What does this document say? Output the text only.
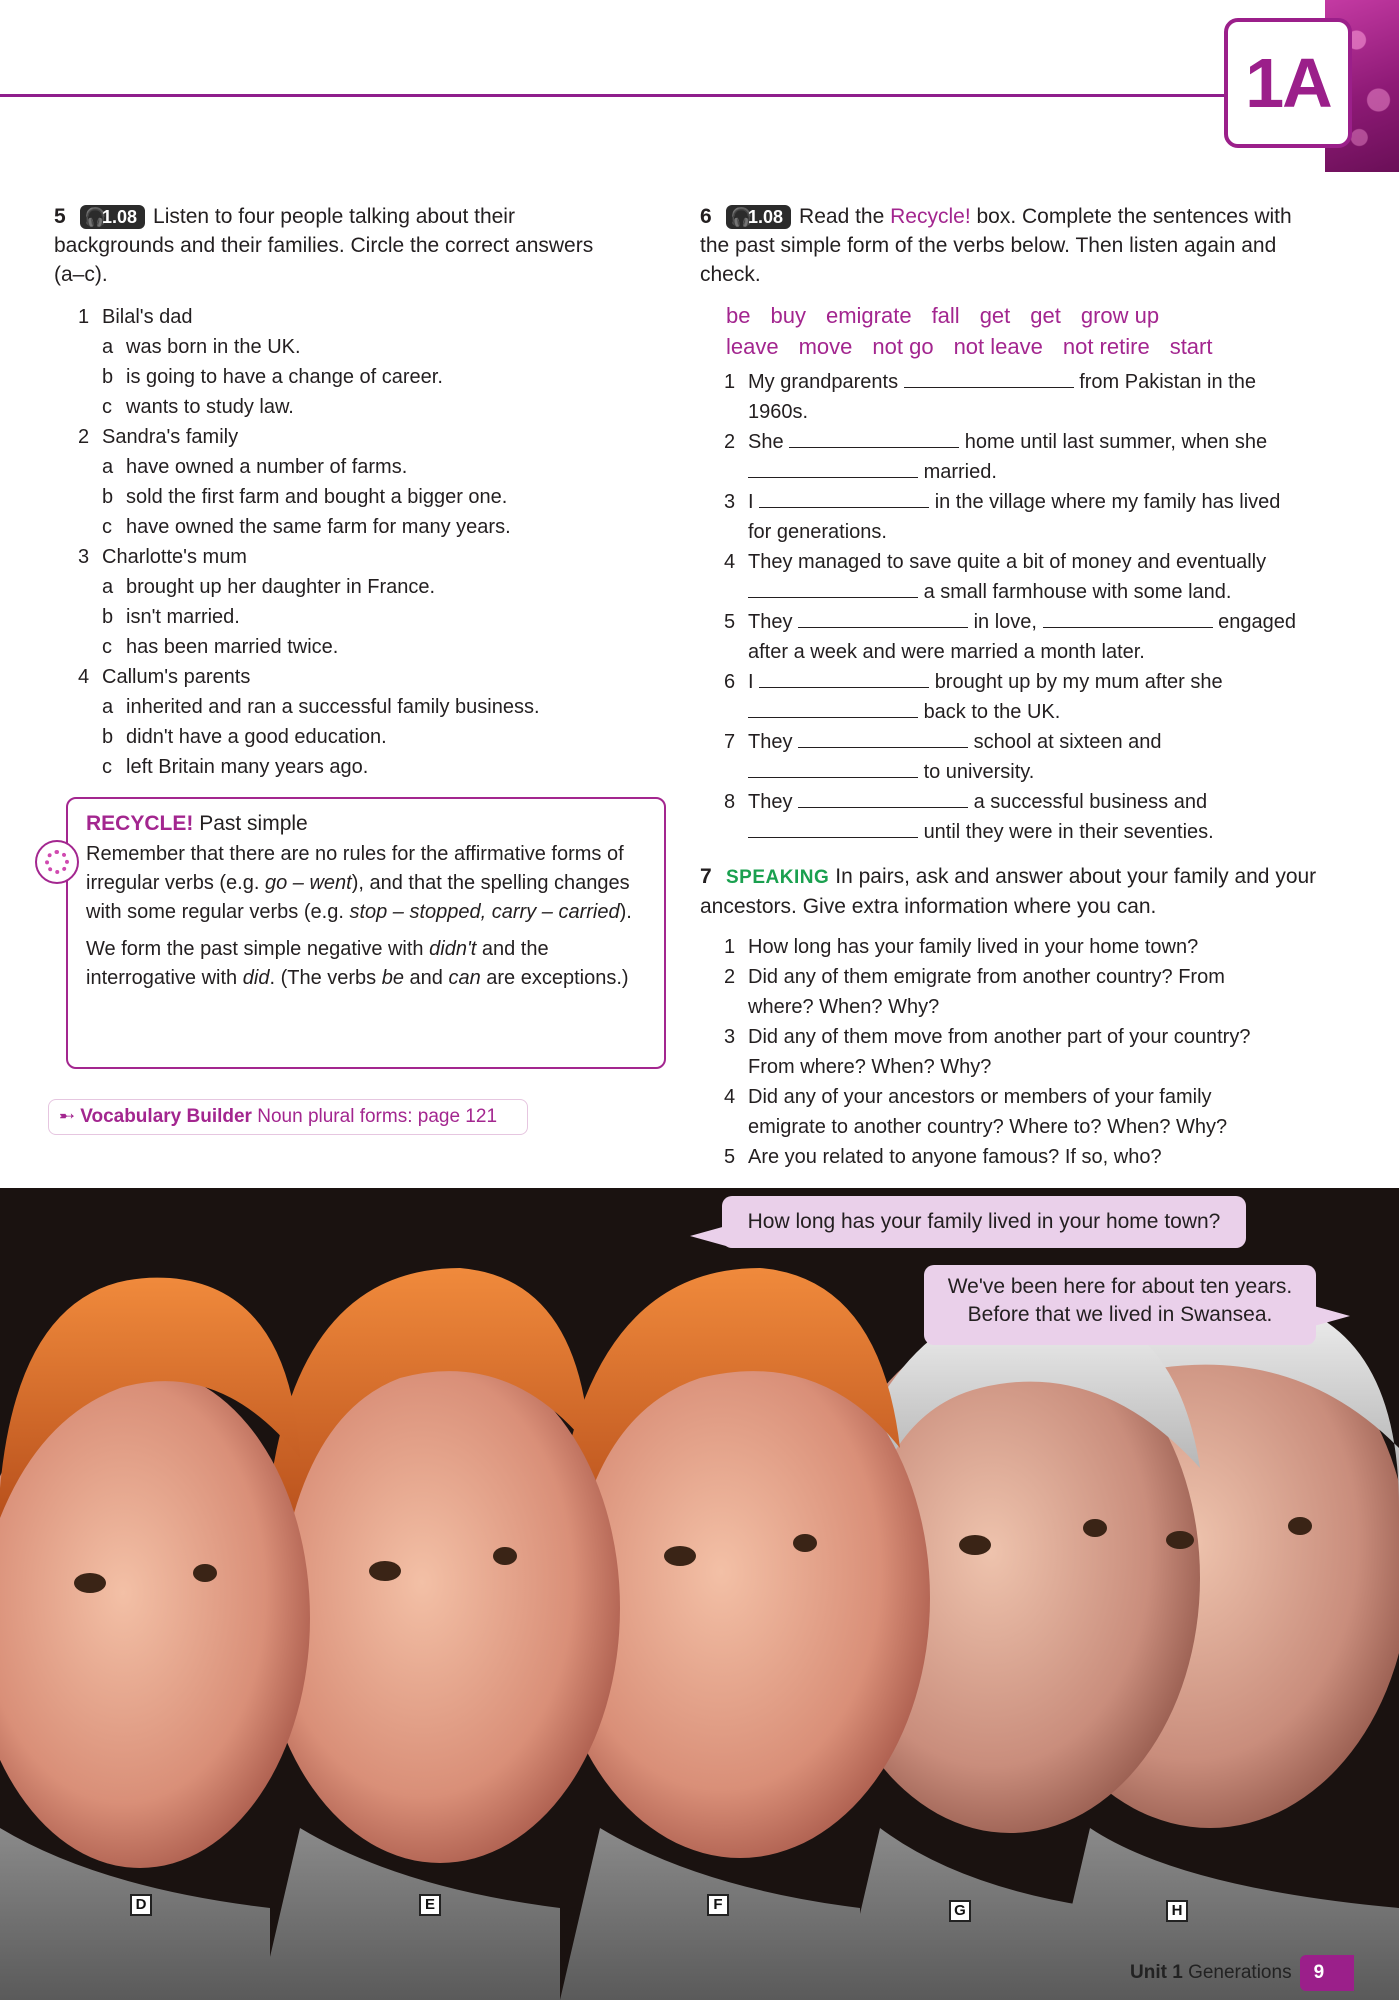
1A
5 🎧1.08 Listen to four people talking about their backgrounds and their families. Circle the correct answers (a–c).
1 Bilal's dad
a was born in the UK.
b is going to have a change of career.
c wants to study law.
2 Sandra's family
a have owned a number of farms.
b sold the first farm and bought a bigger one.
c have owned the same farm for many years.
3 Charlotte's mum
a brought up her daughter in France.
b isn't married.
c has been married twice.
4 Callum's parents
a inherited and ran a successful family business.
b didn't have a good education.
c left Britain many years ago.
RECYCLE! Past simple

Remember that there are no rules for the affirmative forms of irregular verbs (e.g. go – went), and that the spelling changes with some regular verbs (e.g. stop – stopped, carry – carried).

We form the past simple negative with didn't and the interrogative with did. (The verbs be and can are exceptions.)

➸ Vocabulary Builder Noun plural forms: page 121
6 🎧1.08 Read the Recycle! box. Complete the sentences with the past simple form of the verbs below. Then listen again and check.
be buy emigrate fall get get grow up
leave move not go not leave not retire start
1 My grandparents	from Pakistan in the
1960s.
2 She	home until last summer, when she
married.
3 I	in the village where my family has lived
for generations.
4 They managed to save quite a bit of money and eventually
a small farmhouse with some land.
5 They	in love,	engaged
after a week and were married a month later.
6 I	brought up by my mum after she
back to the UK.
7 They	school at sixteen and
to university.
8 They	a successful business and
until they were in their seventies.
7 SPEAKING In pairs, ask and answer about your family and your ancestors. Give extra information where you can.
1 How long has your family lived in your home town?
2 Did any of them emigrate from another country? From
where? When? Why?
3 Did any of them move from another part of your country?
From where? When? Why?
4 Did any of your ancestors or members of your family
emigrate to another country? Where to? When? Why?
5 Are you related to anyone famous? If so, who?
D	E	F	G	H
How long has your family lived in your home town?
We've been here for about ten years.
Before that we lived in Swansea.
Unit 1 Generations 9
